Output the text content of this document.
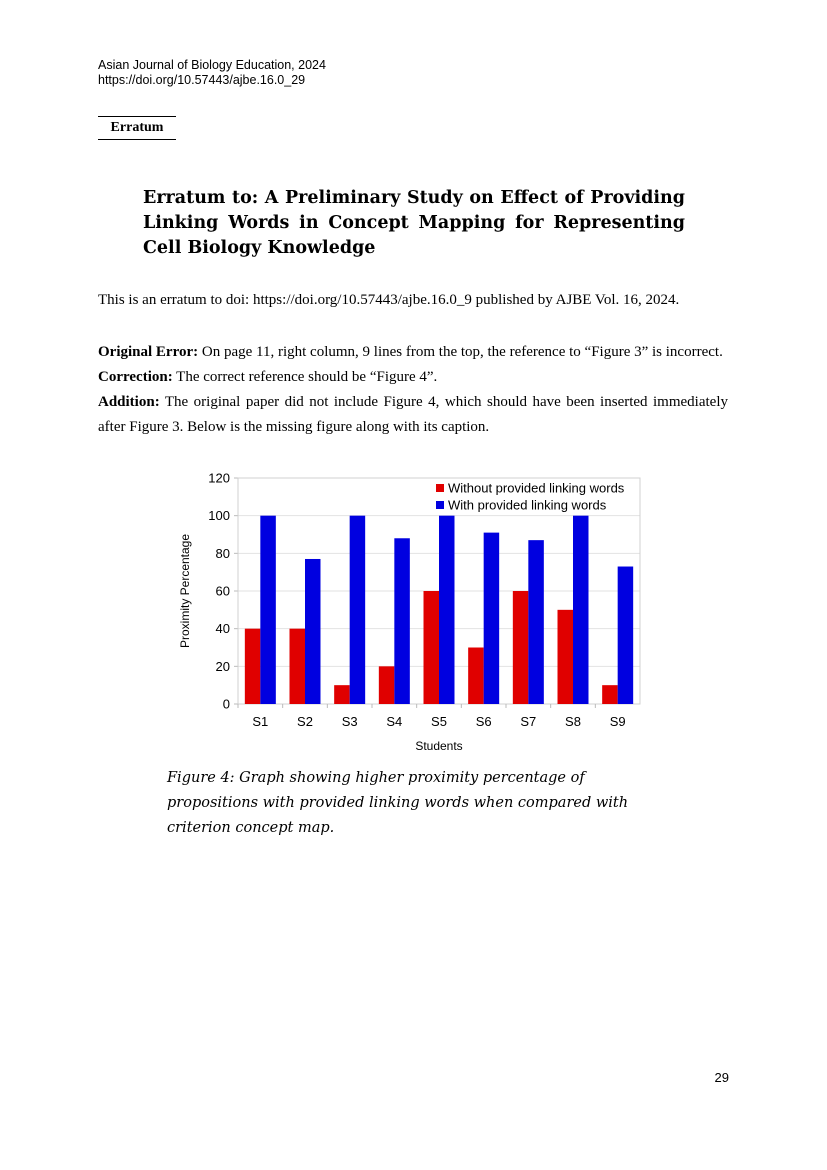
Asian Journal of Biology Education, 2024
https://doi.org/10.57443/ajbe.16.0_29
Erratum
Erratum to: A Preliminary Study on Effect of Providing Linking Words in Concept Mapping for Representing Cell Biology Knowledge
This is an erratum to doi: https://doi.org/10.57443/ajbe.16.0_9 published by AJBE Vol. 16, 2024.

Original Error: On page 11, right column, 9 lines from the top, the reference to “Figure 3” is incorrect.

Correction: The correct reference should be “Figure 4”.

Addition: The original paper did not include Figure 4, which should have been inserted immediately after Figure 3. Below is the missing figure along with its caption.

0
20
40
60
80
100
120
S1 S2 S3 S4 S5 S6 S7 S8 S9
Students
Proximity Percentage
Without provided linking words
With provided linking words
Figure 4: Graph showing higher proximity percentage of propositions with provided linking words when compared with criterion concept map.
29
